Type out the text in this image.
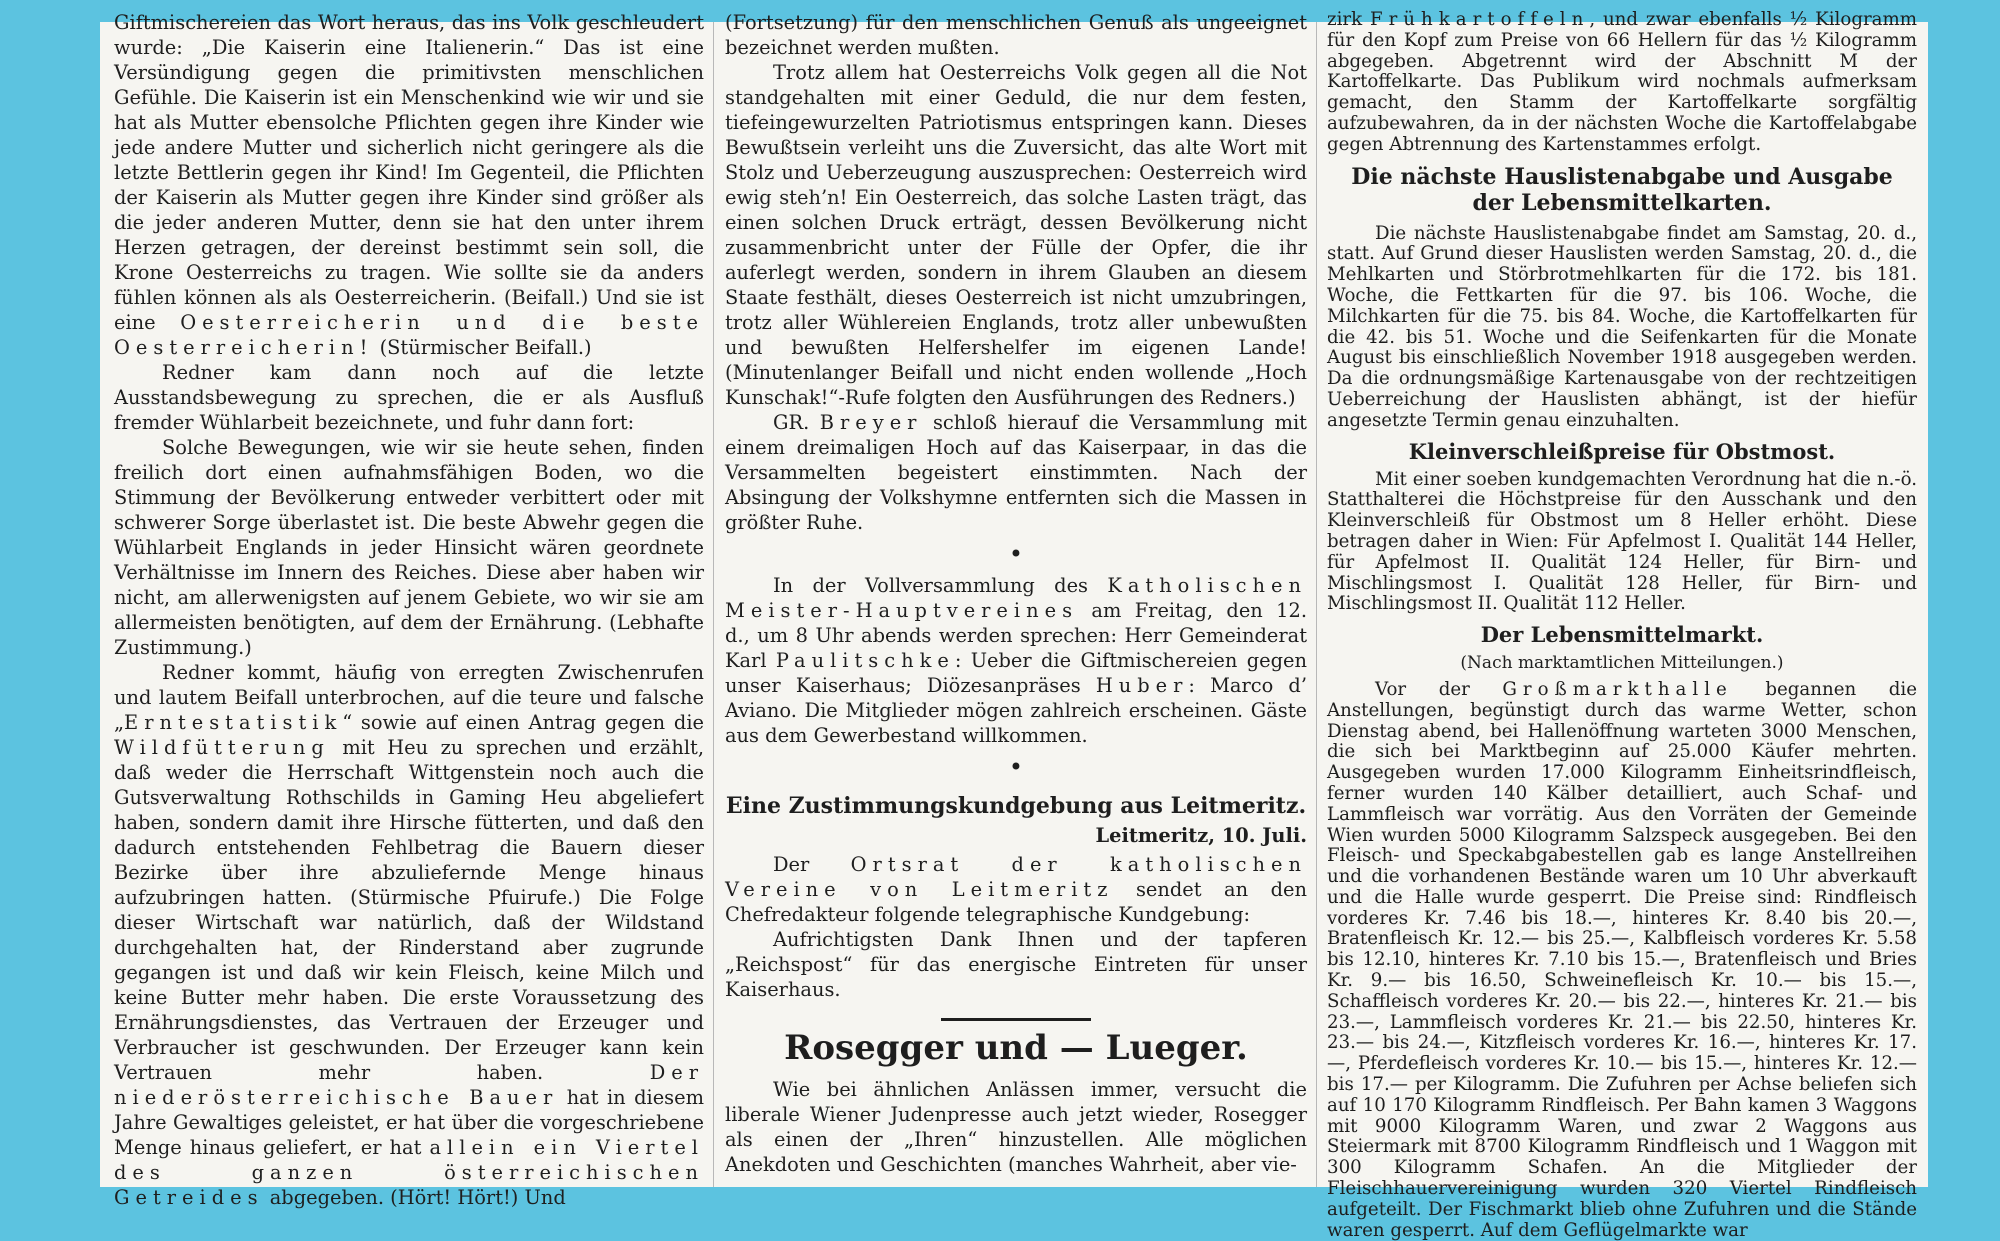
Giftmischereien das Wort heraus, das ins Volk geschleudert wurde: „Die Kaiserin eine Italienerin.“ Das ist eine Versündigung gegen die primitivsten menschlichen Gefühle. Die Kaiserin ist ein Menschenkind wie wir und sie hat als Mutter ebensolche Pflichten gegen ihre Kinder wie jede andere Mutter und sicherlich nicht geringere als die letzte Bettlerin gegen ihr Kind! Im Gegenteil, die Pflichten der Kaiserin als Mutter gegen ihre Kinder sind größer als die jeder anderen Mutter, denn sie hat den unter ihrem Herzen getragen, der dereinst bestimmt sein soll, die Krone Oesterreichs zu tragen. Wie sollte sie da anders fühlen können als als Oesterreicherin. (Beifall.) Und sie ist eine Oesterreicherin und die beste Oesterreicherin! (Stürmischer Beifall.)

Redner kam dann noch auf die letzte Ausstandsbewegung zu sprechen, die er als Ausfluß fremder Wühlarbeit bezeichnete, und fuhr dann fort:

Solche Bewegungen, wie wir sie heute sehen, finden freilich dort einen aufnahmsfähigen Boden, wo die Stimmung der Bevölkerung entweder verbittert oder mit schwerer Sorge überlastet ist. Die beste Abwehr gegen die Wühlarbeit Englands in jeder Hinsicht wären geordnete Verhältnisse im Innern des Reiches. Diese aber haben wir nicht, am allerwenigsten auf jenem Gebiete, wo wir sie am allermeisten benötigten, auf dem der Ernährung. (Lebhafte Zustimmung.)

Redner kommt, häufig von erregten Zwischenrufen und lautem Beifall unterbrochen, auf die teure und falsche „Erntestatistik“ sowie auf einen Antrag gegen die Wildfütterung mit Heu zu sprechen und erzählt, daß weder die Herrschaft Wittgenstein noch auch die Gutsverwaltung Rothschilds in Gaming Heu abgeliefert haben, sondern damit ihre Hirsche fütterten, und daß den dadurch entstehenden Fehlbetrag die Bauern dieser Bezirke über ihre abzuliefernde Menge hinaus aufzubringen hatten. (Stürmische Pfuirufe.) Die Folge dieser Wirtschaft war natürlich, daß der Wildstand durchgehalten hat, der Rinderstand aber zugrunde gegangen ist und daß wir kein Fleisch, keine Milch und keine Butter mehr haben. Die erste Voraussetzung des Ernährungsdienstes, das Vertrauen der Erzeuger und Verbraucher ist geschwunden. Der Erzeuger kann kein Vertrauen mehr haben.	Der niederösterreichische Bauer hat in diesem Jahre Gewaltiges geleistet, er hat über die vorgeschriebene Menge hinaus geliefert, er hat allein ein Viertel des ganzen österreichischen Getreides abgegeben. (Hört! Hört!) Und

(Fortsetzung) für den menschlichen Genuß als ungeeignet bezeichnet werden mußten.

Trotz allem hat Oesterreichs Volk gegen all die Not standgehalten mit einer Geduld, die nur dem festen, tiefeingewurzelten Patriotismus entspringen kann. Dieses Bewußtsein verleiht uns die Zuversicht, das alte Wort mit Stolz und Ueberzeugung auszusprechen: Oesterreich wird ewig steh’n! Ein Oesterreich, das solche Lasten trägt, das einen solchen Druck erträgt, dessen Bevölkerung nicht zusammenbricht unter der Fülle der Opfer, die ihr auferlegt werden, sondern in ihrem Glauben an diesem Staate festhält, dieses Oesterreich ist nicht umzubringen, trotz aller Wühlereien Englands, trotz aller unbewußten und bewußten Helfershelfer im eigenen Lande! (Minutenlanger Beifall und nicht enden wollende „Hoch Kunschak!“-Rufe folgten den Ausführungen des Redners.)

GR. Breyer schloß hierauf die Versammlung mit einem dreimaligen Hoch auf das Kaiserpaar, in das die Versammelten begeistert einstimmten. Nach der Absingung der Volkshymne entfernten sich die Massen in größter Ruhe.

•

In der Vollversammlung des Katholischen Meister-Hauptvereines am Freitag, den 12. d., um 8 Uhr abends werden sprechen: Herr Gemeinderat Karl Paulitschke: Ueber die Giftmischereien gegen unser Kaiserhaus; Diözesanpräses Huber: Marco d’ Aviano. Die Mitglieder mögen zahlreich erscheinen. Gäste aus dem Gewerbestand willkommen.

•

Eine Zustimmungskundgebung aus Leitmeritz.

Leitmeritz, 10. Juli.

Der Ortsrat der katholischen Vereine von Leitmeritz sendet an den Chefredakteur folgende telegraphische Kundgebung:

Aufrichtigsten Dank Ihnen und der tapferen „Reichspost“ für das energische Eintreten für unser Kaiserhaus.

Rosegger und — Lueger.

Wie bei ähnlichen Anlässen immer, versucht die liberale Wiener Judenpresse auch jetzt wieder, Rosegger als einen der „Ihren“ hinzustellen. Alle möglichen Anekdoten und Geschichten (manches Wahrheit, aber vie-

zirk Frühkartoffeln, und zwar ebenfalls ½ Kilogramm für den Kopf zum Preise von 66 Hellern für das ½ Kilogramm abgegeben. Abgetrennt wird der Abschnitt M der Kartoffelkarte. Das Publikum wird nochmals aufmerksam gemacht, den Stamm der Kartoffelkarte sorgfältig aufzubewahren, da in der nächsten Woche die Kartoffelabgabe gegen Abtrennung des Kartenstammes erfolgt.

Die nächste Hauslistenabgabe und Ausgabe der Lebensmittelkarten.

Die nächste Hauslistenabgabe findet am Samstag, 20. d., statt. Auf Grund dieser Hauslisten werden Samstag, 20. d., die Mehlkarten und Störbrotmehlkarten für die 172. bis 181. Woche, die Fettkarten für die 97. bis 106. Woche, die Milchkarten für die 75. bis 84. Woche, die Kartoffelkarten für die 42. bis 51. Woche und die Seifenkarten für die Monate August bis einschließlich November 1918 ausgegeben werden. Da die ordnungsmäßige Kartenausgabe von der rechtzeitigen Ueberreichung der Hauslisten abhängt, ist der hiefür angesetzte Termin genau einzuhalten.

Kleinverschleißpreise für Obstmost.

Mit einer soeben kundgemachten Verordnung hat die n.-ö. Statthalterei die Höchstpreise für den Ausschank und den Kleinverschleiß für Obstmost um 8 Heller erhöht. Diese betragen daher in Wien: Für Apfelmost I. Qualität 144 Heller, für Apfelmost II. Qualität 124 Heller, für Birn- und Mischlingsmost I. Qualität 128 Heller, für Birn- und Mischlingsmost II. Qualität 112 Heller.

Der Lebensmittelmarkt.

(Nach marktamtlichen Mitteilungen.)

Vor der Großmarkthalle begannen die Anstellungen, begünstigt durch das warme Wetter, schon Dienstag abend, bei Hallenöffnung warteten 3000 Menschen, die sich bei Marktbeginn auf 25.000 Käufer mehrten. Ausgegeben wurden 17.000 Kilogramm Einheitsrindfleisch, ferner wurden 140 Kälber detailliert, auch Schaf- und Lammfleisch war vorrätig. Aus den Vorräten der Gemeinde Wien wurden 5000 Kilogramm Salzspeck ausgegeben. Bei den Fleisch- und Speckabgabestellen gab es lange Anstellreihen und die vorhandenen Bestände waren um 10 Uhr abverkauft und die Halle wurde gesperrt. Die Preise sind: Rindfleisch vorderes Kr. 7.46 bis 18.—, hinteres Kr. 8.40 bis 20.—, Bratenfleisch Kr. 12.— bis 25.—, Kalbfleisch vorderes Kr. 5.58 bis 12.10, hinteres Kr. 7.10 bis 15.—, Bratenfleisch und Bries Kr. 9.— bis 16.50, Schweinefleisch Kr. 10.— bis 15.—, Schaffleisch vorderes Kr. 20.— bis 22.—, hinteres Kr. 21.— bis 23.—, Lammfleisch vorderes Kr. 21.— bis 22.50, hinteres Kr. 23.— bis 24.—, Kitzfleisch vorderes Kr. 16.—, hinteres Kr. 17.—, Pferdefleisch vorderes Kr. 10.— bis 15.—, hinteres Kr. 12.— bis 17.— per Kilogramm. Die Zufuhren per Achse beliefen sich auf 10 170 Kilogramm Rindfleisch. Per Bahn kamen 3 Waggons mit 9000 Kilogramm Waren, und zwar 2 Waggons aus Steiermark mit 8700 Kilogramm Rindfleisch und 1 Waggon mit 300 Kilogramm Schafen. An die Mitglieder der Fleischhauervereinigung wurden 320 Viertel Rindfleisch aufgeteilt. Der Fischmarkt blieb ohne Zufuhren und die Stände waren gesperrt. Auf dem Geflügelmarkte war
